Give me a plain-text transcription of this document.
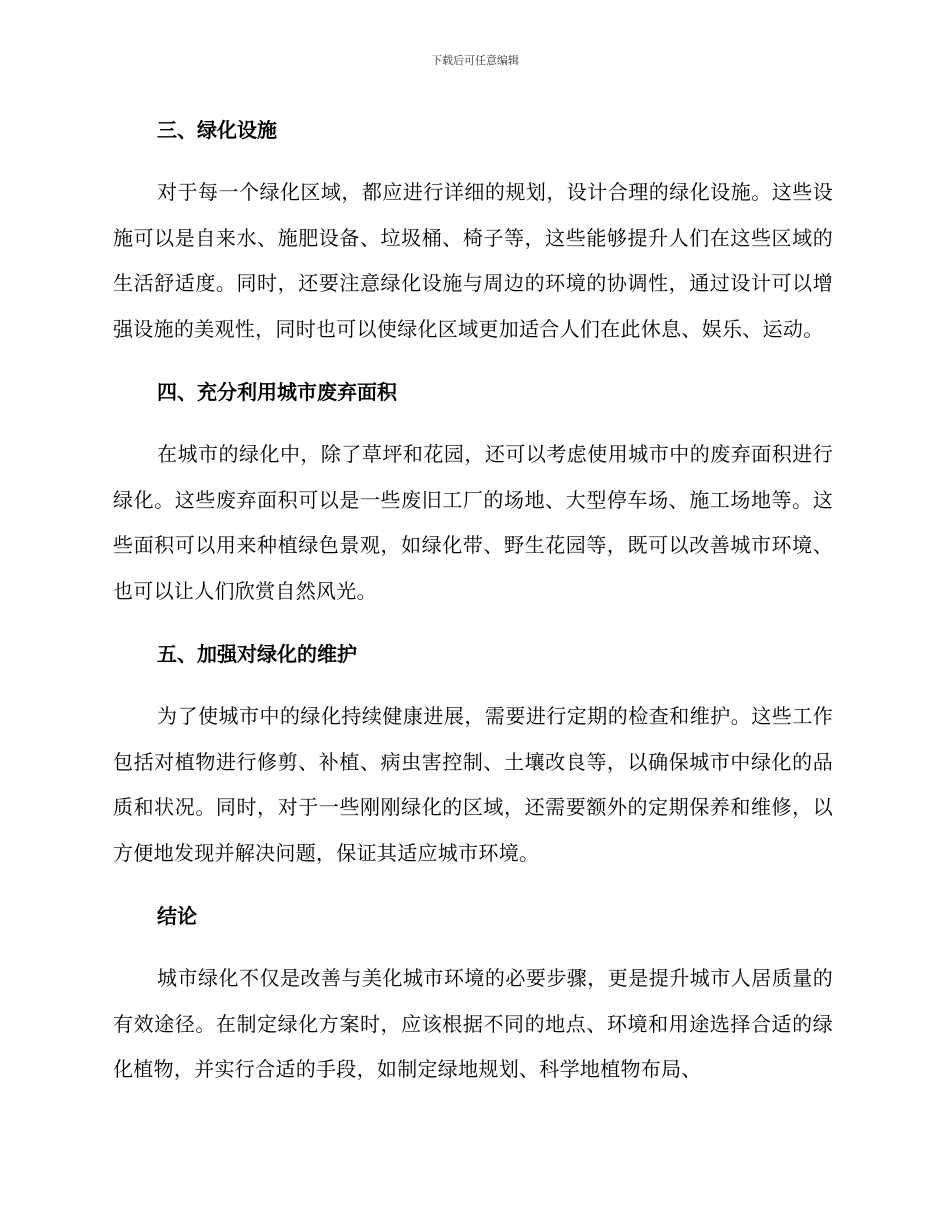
下载后可任意编辑
三、绿化设施

对于每一个绿化区域，都应进行详细的规划，设计合理的绿化设施。这些设施可以是自来水、施肥设备、垃圾桶、椅子等，这些能够提升人们在这些区域的生活舒适度。同时，还要注意绿化设施与周边的环境的协调性，通过设计可以增强设施的美观性，同时也可以使绿化区域更加适合人们在此休息、娱乐、运动。

四、充分利用城市废弃面积

在城市的绿化中，除了草坪和花园，还可以考虑使用城市中的废弃面积进行绿化。这些废弃面积可以是一些废旧工厂的场地、大型停车场、施工场地等。这些面积可以用来种植绿色景观，如绿化带、野生花园等，既可以改善城市环境、也可以让人们欣赏自然风光。

五、加强对绿化的维护

为了使城市中的绿化持续健康进展，需要进行定期的检查和维护。这些工作包括对植物进行修剪、补植、病虫害控制、土壤改良等，以确保城市中绿化的品质和状况。同时，对于一些刚刚绿化的区域，还需要额外的定期保养和维修，以方便地发现并解决问题，保证其适应城市环境。

结论

城市绿化不仅是改善与美化城市环境的必要步骤，更是提升城市人居质量的有效途径。在制定绿化方案时，应该根据不同的地点、环境和用途选择合适的绿化植物，并实行合适的手段，如制定绿地规划、科学地植物布局、
